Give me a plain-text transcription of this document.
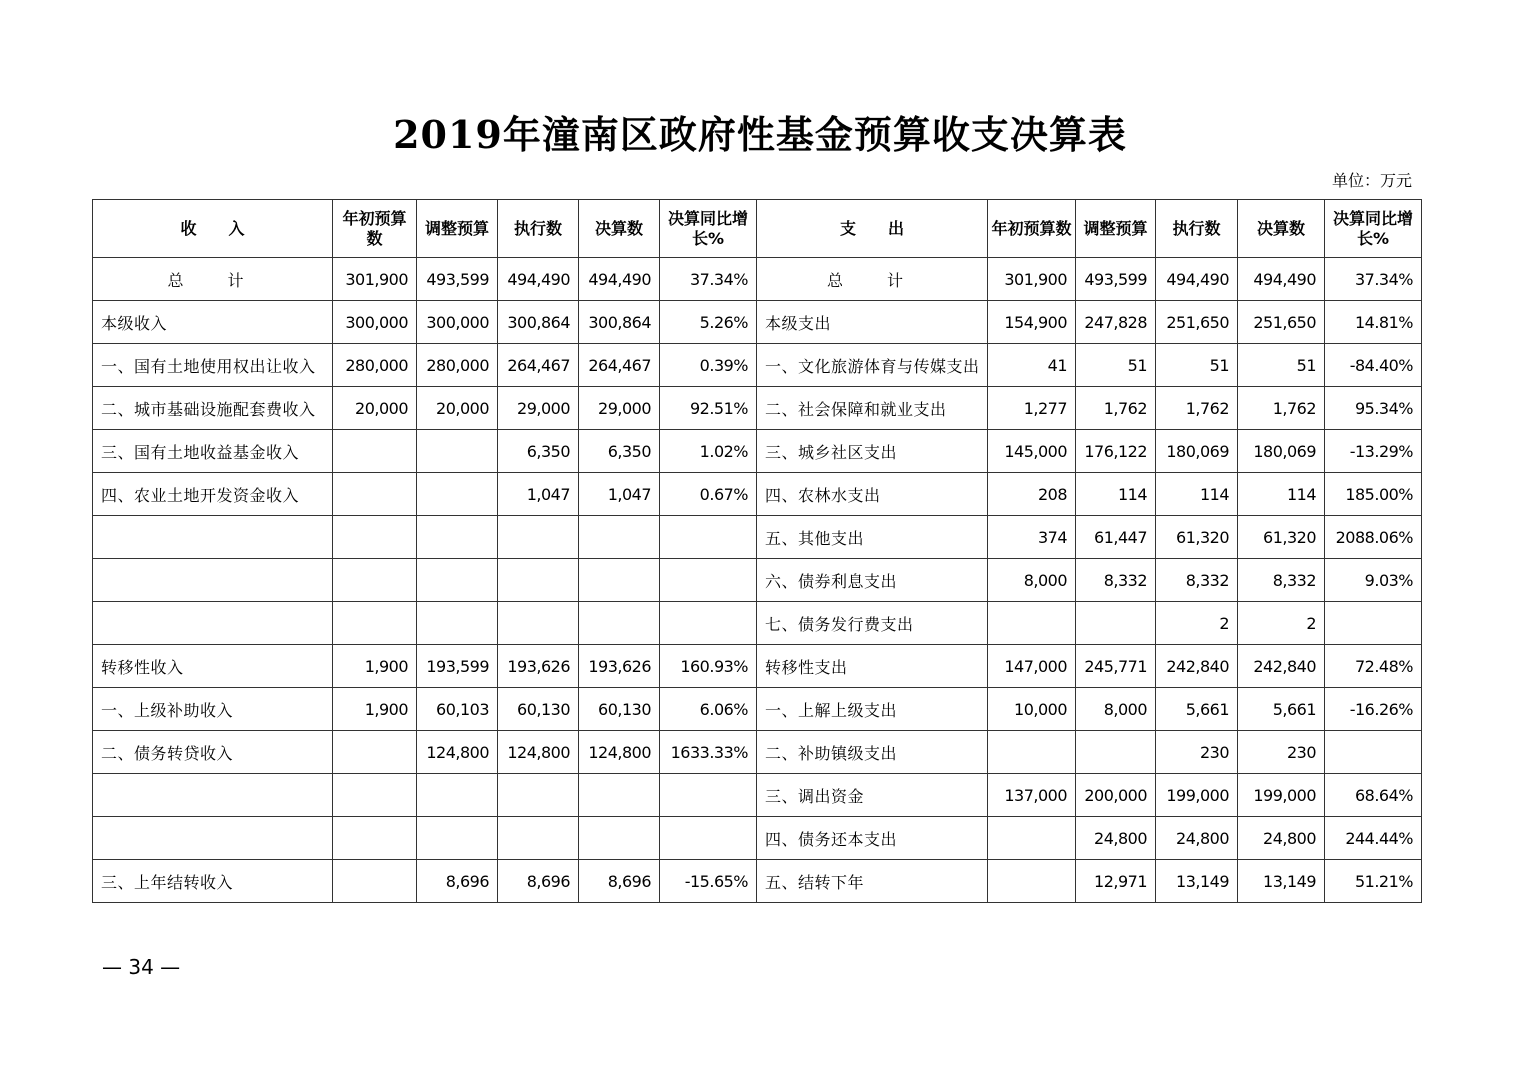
2019年潼南区政府性基金预算收支决算表
单位：万元
收　　入	年初预算数	调整预算	执行数	决算数	决算同比增长%	支　　出	年初预算数	调整预算	执行数	决算数	决算同比增长%
总　计	301,900	493,599	494,490	494,490	37.34%	总　计	301,900	493,599	494,490	494,490	37.34%
本级收入	300,000	300,000	300,864	300,864	5.26%	本级支出	154,900	247,828	251,650	251,650	14.81%
一、国有土地使用权出让收入	280,000	280,000	264,467	264,467	0.39%	一、文化旅游体育与传媒支出	41	51	51	51	-84.40%
二、城市基础设施配套费收入	20,000	20,000	29,000	29,000	92.51%	二、社会保障和就业支出	1,277	1,762	1,762	1,762	95.34%
三、国有土地收益基金收入			6,350	6,350	1.02%	三、城乡社区支出	145,000	176,122	180,069	180,069	-13.29%
四、农业土地开发资金收入			1,047	1,047	0.67%	四、农林水支出	208	114	114	114	185.00%
						五、其他支出	374	61,447	61,320	61,320	2088.06%
						六、债券利息支出	8,000	8,332	8,332	8,332	9.03%
						七、债务发行费支出			2	2	
转移性收入	1,900	193,599	193,626	193,626	160.93%	转移性支出	147,000	245,771	242,840	242,840	72.48%
一、上级补助收入	1,900	60,103	60,130	60,130	6.06%	一、上解上级支出	10,000	8,000	5,661	5,661	-16.26%
二、债务转贷收入		124,800	124,800	124,800	1633.33%	二、补助镇级支出			230	230	
						三、调出资金	137,000	200,000	199,000	199,000	68.64%
						四、债务还本支出		24,800	24,800	24,800	244.44%
三、上年结转收入		8,696	8,696	8,696	-15.65%	五、结转下年		12,971	13,149	13,149	51.21%
— 34 —
